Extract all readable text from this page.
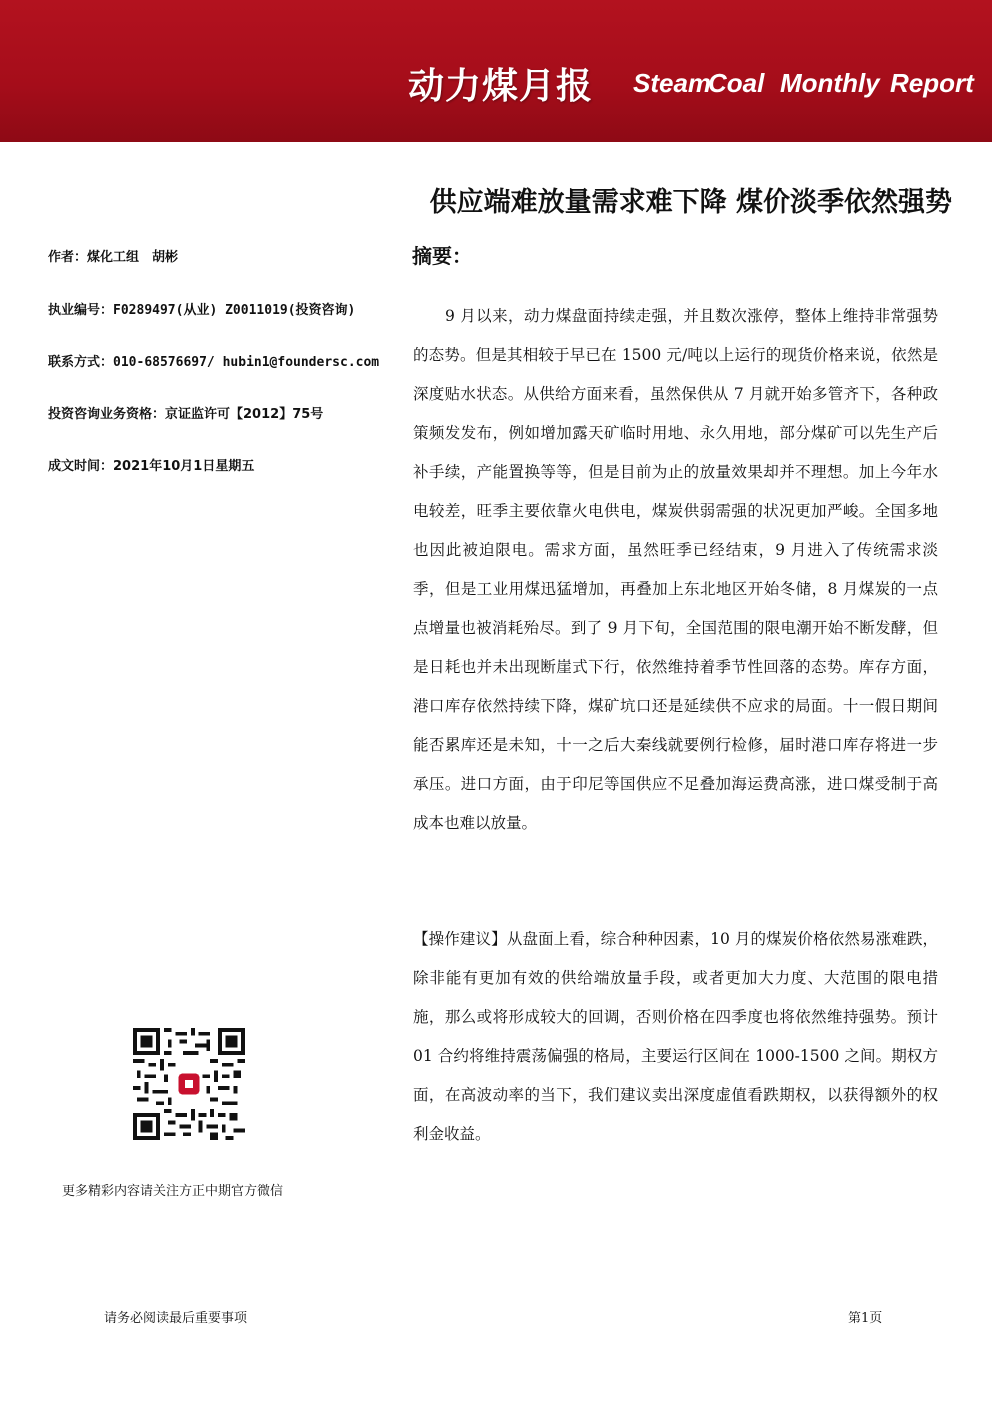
动力煤月报 Steam
Coal Monthly Report
供应端难放量需求难下降 煤价淡季依然强势
作者：煤化工组　胡彬
执业编号：F0289497(从业) Z0011019(投资咨询)
联系方式：010-68576697/ hubin1@foundersc.com
投资咨询业务资格：京证监许可【2012】75号
成文时间：2021年10月1日星期五
摘要：
9 月以来，动力煤盘面持续走强，并且数次涨停，整体上维持非常强势的态势。但是其相较于早已在 1500 元/吨以上运行的现货价格来说，依然是深度贴水状态。从供给方面来看，虽然保供从 7 月就开始多管齐下，各种政策频发发布，例如增加露天矿临时用地、永久用地，部分煤矿可以先生产后补手续，产能置换等等，但是目前为止的放量效果却并不理想。加上今年水电较差，旺季主要依靠火电供电，煤炭供弱需强的状况更加严峻。全国多地也因此被迫限电。需求方面，虽然旺季已经结束，9 月进入了传统需求淡季，但是工业用煤迅猛增加，再叠加上东北地区开始冬储，8 月煤炭的一点点增量也被消耗殆尽。到了 9 月下旬，全国范围的限电潮开始不断发酵，但是日耗也并未出现断崖式下行，依然维持着季节性回落的态势。库存方面，港口库存依然持续下降，煤矿坑口还是延续供不应求的局面。十一假日期间能否累库还是未知，十一之后大秦线就要例行检修，届时港口库存将进一步承压。进口方面，由于印尼等国供应不足叠加海运费高涨，进口煤受制于高成本也难以放量。
【操作建议】从盘面上看，综合种种因素，10 月的煤炭价格依然易涨难跌，除非能有更加有效的供给端放量手段，或者更加大力度、大范围的限电措施，那么或将形成较大的回调，否则价格在四季度也将依然维持强势。预计 01 合约将维持震荡偏强的格局，主要运行区间在 1000-1500 之间。期权方面，在高波动率的当下，我们建议卖出深度虚值看跌期权，以获得额外的权利金收益。
更多精彩内容请关注方正中期官方微信
请务必阅读最后重要事项	第1页
